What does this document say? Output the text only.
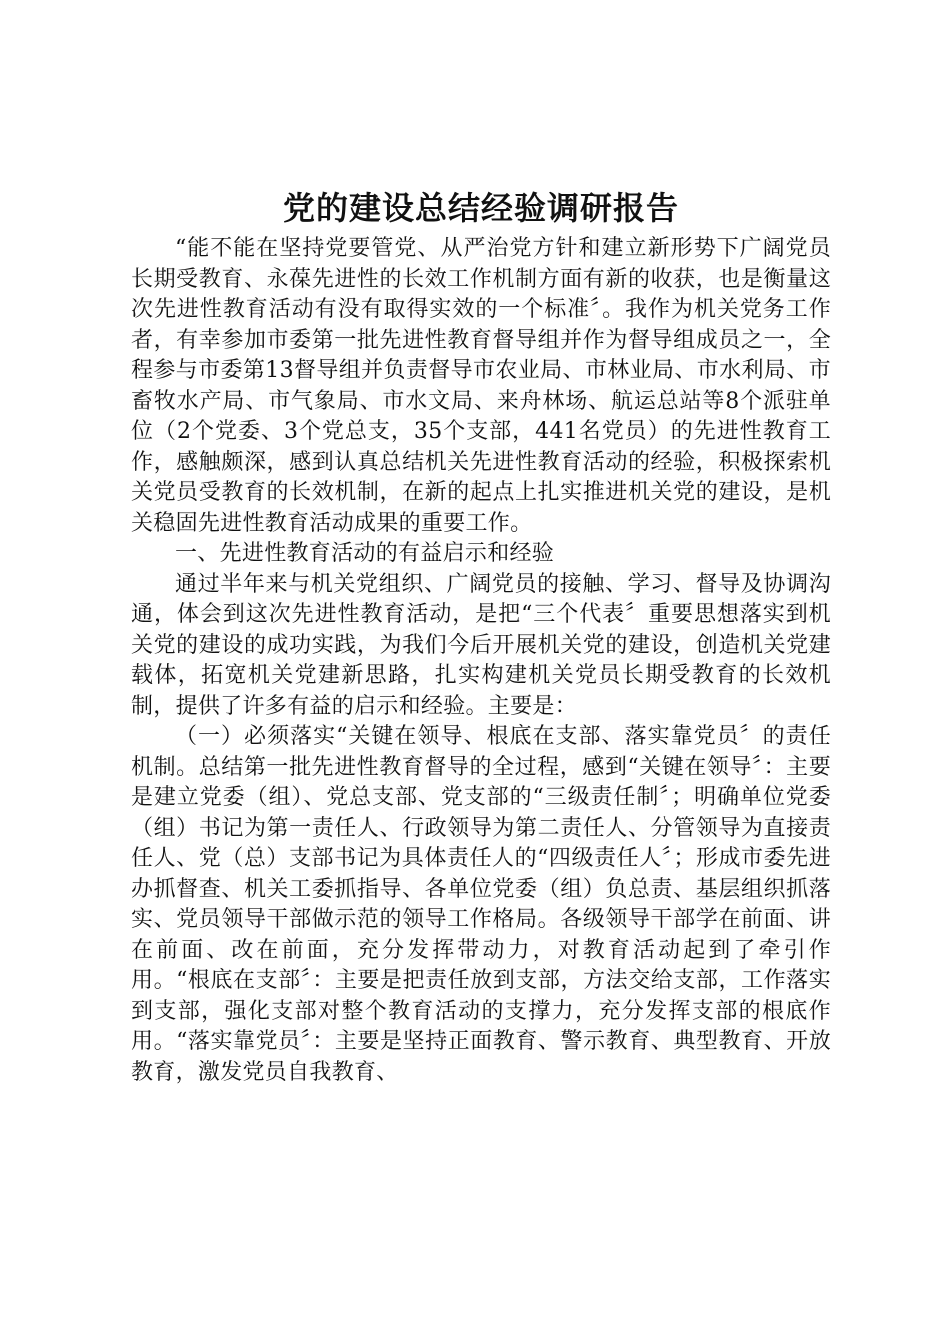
党的建设总结经验调研报告

“能不能在坚持党要管党、从严治党方针和建立新形势下广阔党员长期受教育、永葆先进性的长效工作机制方面有新的收获，也是衡量这次先进性教育活动有没有取得实效的一个标准〞。我作为机关党务工作者，有幸参加市委第一批先进性教育督导组并作为督导组成员之一，全程参与市委第13督导组并负责督导市农业局、市林业局、市水利局、市畜牧水产局、市气象局、市水文局、来舟林场、航运总站等8个派驻单位（2个党委、3个党总支，35个支部，441名党员）的先进性教育工作，感触颇深，感到认真总结机关先进性教育活动的经验，积极探索机关党员受教育的长效机制，在新的起点上扎实推进机关党的建设，是机关稳固先进性教育活动成果的重要工作。

一、先进性教育活动的有益启示和经验

通过半年来与机关党组织、广阔党员的接触、学习、督导及协调沟通，体会到这次先进性教育活动，是把“三个代表〞重要思想落实到机关党的建设的成功实践，为我们今后开展机关党的建设，创造机关党建载体，拓宽机关党建新思路，扎实构建机关党员长期受教育的长效机制，提供了许多有益的启示和经验。主要是：

（一）必须落实“关键在领导、根底在支部、落实靠党员〞的责任机制。总结第一批先进性教育督导的全过程，感到“关键在领导〞：主要是建立党委（组）、党总支部、党支部的“三级责任制〞；明确单位党委（组）书记为第一责任人、行政领导为第二责任人、分管领导为直接责任人、党（总）支部书记为具体责任人的“四级责任人〞；形成市委先进办抓督查、机关工委抓指导、各单位党委（组）负总责、基层组织抓落实、党员领导干部做示范的领导工作格局。各级领导干部学在前面、讲在前面、改在前面，充分发挥带动力，对教育活动起到了牵引作用。“根底在支部〞：主要是把责任放到支部，方法交给支部，工作落实到支部，强化支部对整个教育活动的支撑力，充分发挥支部的根底作用。“落实靠党员〞：主要是坚持正面教育、警示教育、典型教育、开放教育，激发党员自我教育、
